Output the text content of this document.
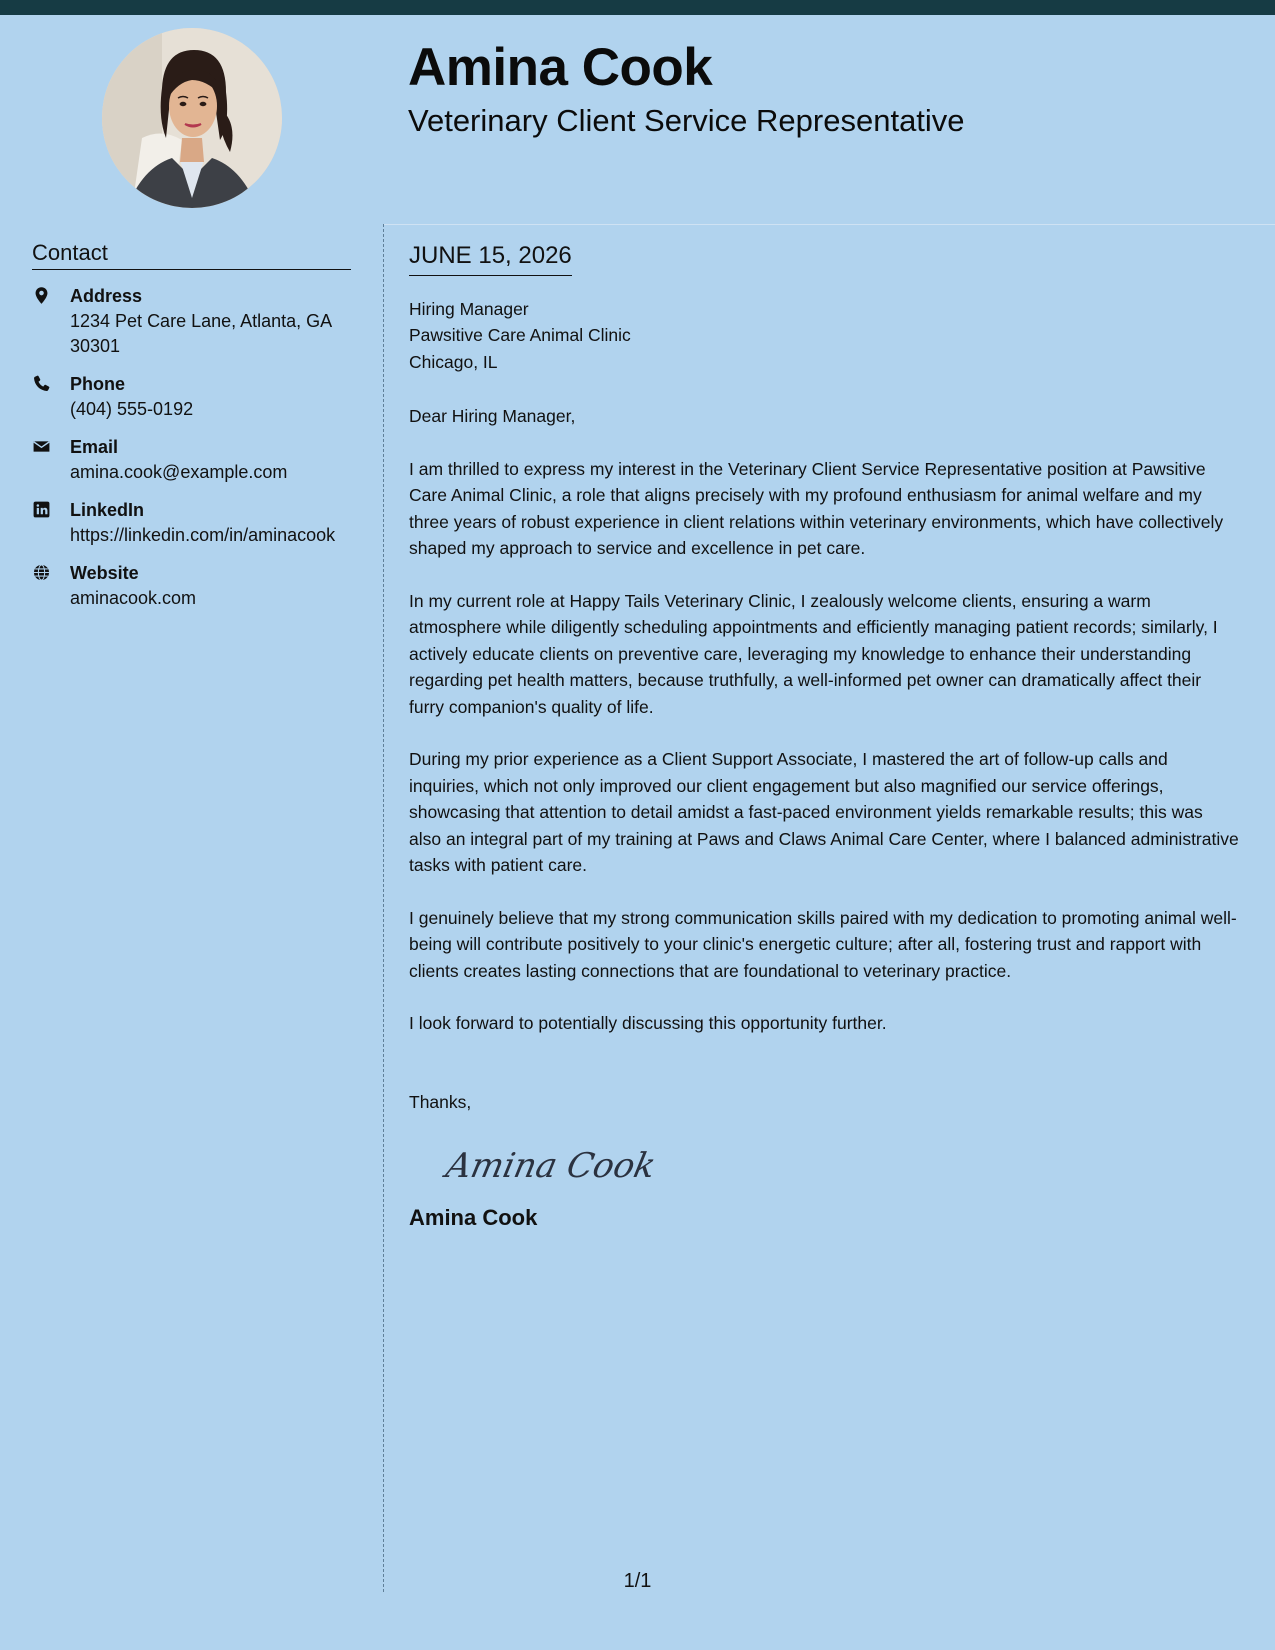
Amina Cook
Veterinary Client Service Representative
Contact
Address
1234 Pet Care Lane, Atlanta, GA 30301
Phone
(404) 555-0192
Email
amina.cook@example.com
LinkedIn
https://linkedin.com/in/aminacook
Website
aminacook.com
JUNE 15, 2026
Hiring Manager
Pawsitive Care Animal Clinic
Chicago, IL
Dear Hiring Manager,
I am thrilled to express my interest in the Veterinary Client Service Representative position at Pawsitive Care Animal Clinic, a role that aligns precisely with my profound enthusiasm for animal welfare and my three years of robust experience in client relations within veterinary environments, which have collectively shaped my approach to service and excellence in pet care.
In my current role at Happy Tails Veterinary Clinic, I zealously welcome clients, ensuring a warm atmosphere while diligently scheduling appointments and efficiently managing patient records; similarly, I actively educate clients on preventive care, leveraging my knowledge to enhance their understanding regarding pet health matters, because truthfully, a well-informed pet owner can dramatically affect their furry companion's quality of life.
During my prior experience as a Client Support Associate, I mastered the art of follow-up calls and inquiries, which not only improved our client engagement but also magnified our service offerings, showcasing that attention to detail amidst a fast-paced environment yields remarkable results; this was also an integral part of my training at Paws and Claws Animal Care Center, where I balanced administrative tasks with patient care.
I genuinely believe that my strong communication skills paired with my dedication to promoting animal well-being will contribute positively to your clinic's energetic culture; after all, fostering trust and rapport with clients creates lasting connections that are foundational to veterinary practice.
I look forward to potentially discussing this opportunity further.
Thanks,
Amina Cook
Amina Cook
1/1
